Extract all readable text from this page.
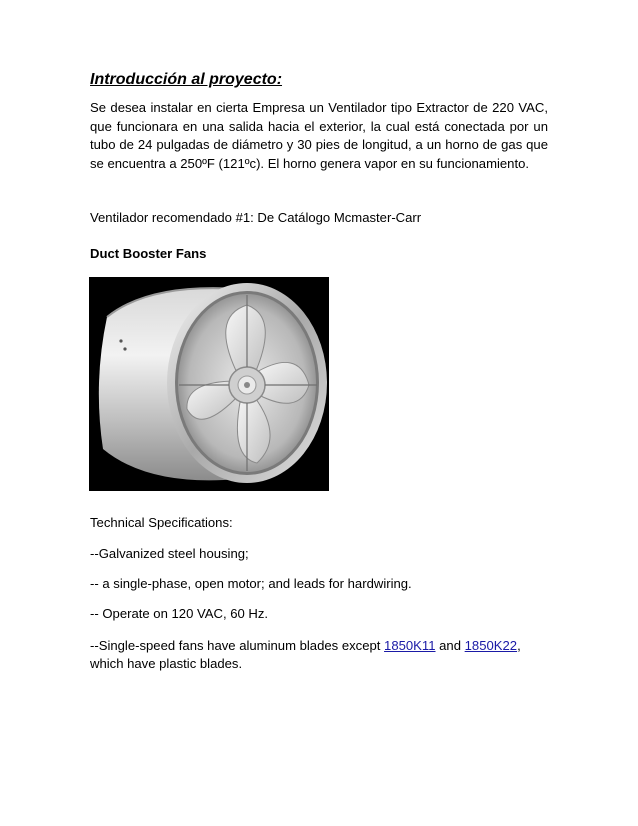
Introducción al proyecto:

Se desea instalar en cierta Empresa un Ventilador tipo Extractor de 220 VAC, que funcionara en una salida hacia el exterior, la cual está conectada por un tubo de 24 pulgadas de diámetro y 30 pies de longitud, a un horno de gas que se encuentra a 250ºF (121ºc). El horno genera vapor en su funcionamiento.

Ventilador recomendado #1: De Catálogo Mcmaster-Carr

Duct Booster Fans

Technical Specifications:

--Galvanized steel housing;

-- a single-phase, open motor; and leads for hardwiring.

-- Operate on 120 VAC, 60 Hz.

--Single-speed fans have aluminum blades except 1850K11 and 1850K22, which have plastic blades.
